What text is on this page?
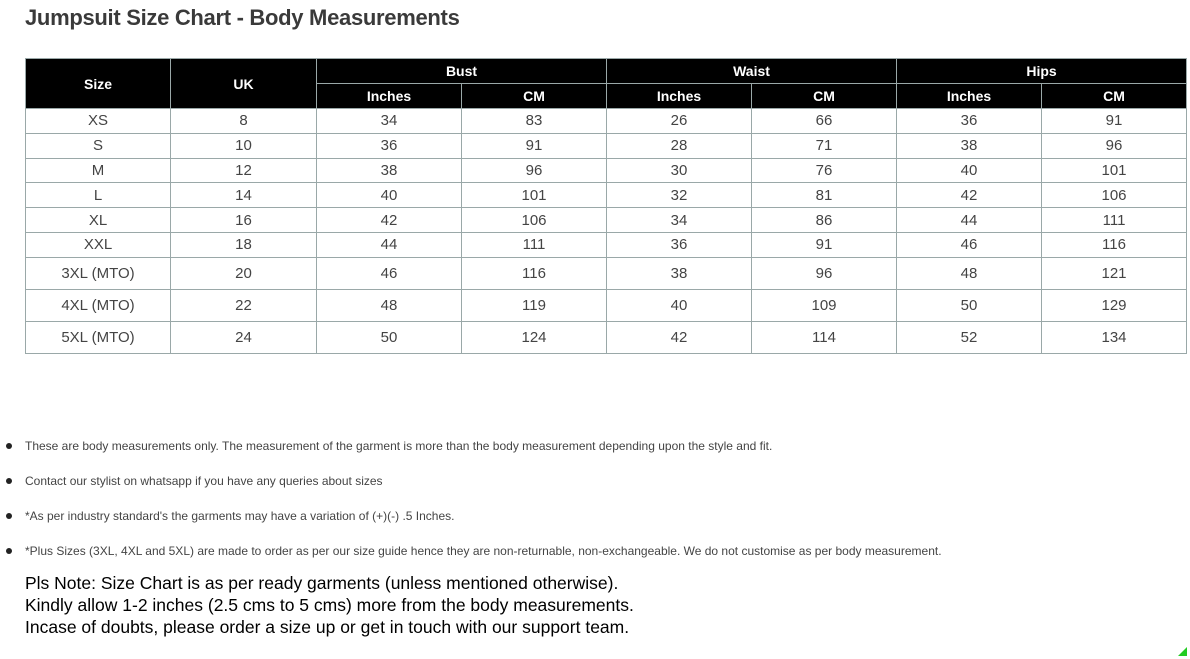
Jumpsuit Size Chart - Body Measurements
Size	UK	Bust		Waist		Hips	
		Inches	CM	Inches	CM	Inches	CM
XS	8	34	83	26	66	36	91
S	10	36	91	28	71	38	96
M	12	38	96	30	76	40	101
L	14	40	101	32	81	42	106
XL	16	42	106	34	86	44	111
XXL	18	44	111	36	91	46	116
3XL (MTO)	20	46	116	38	96	48	121
4XL (MTO)	22	48	119	40	109	50	129
5XL (MTO)	24	50	124	42	114	52	134
These are body measurements only. The measurement of the garment is more than the body measurement depending upon the style and fit.
Contact our stylist on whatsapp if you have any queries about sizes
*As per industry standard's the garments may have a variation of (+)(-) .5 Inches.
*Plus Sizes (3XL, 4XL and 5XL) are made to order as per our size guide hence they are non-returnable, non-exchangeable. We do not customise as per body measurement.
Pls Note: Size Chart is as per ready garments (unless mentioned otherwise).
Kindly allow 1-2 inches (2.5 cms to 5 cms) more from the body measurements.
Incase of doubts, please order a size up or get in touch with our support team.
